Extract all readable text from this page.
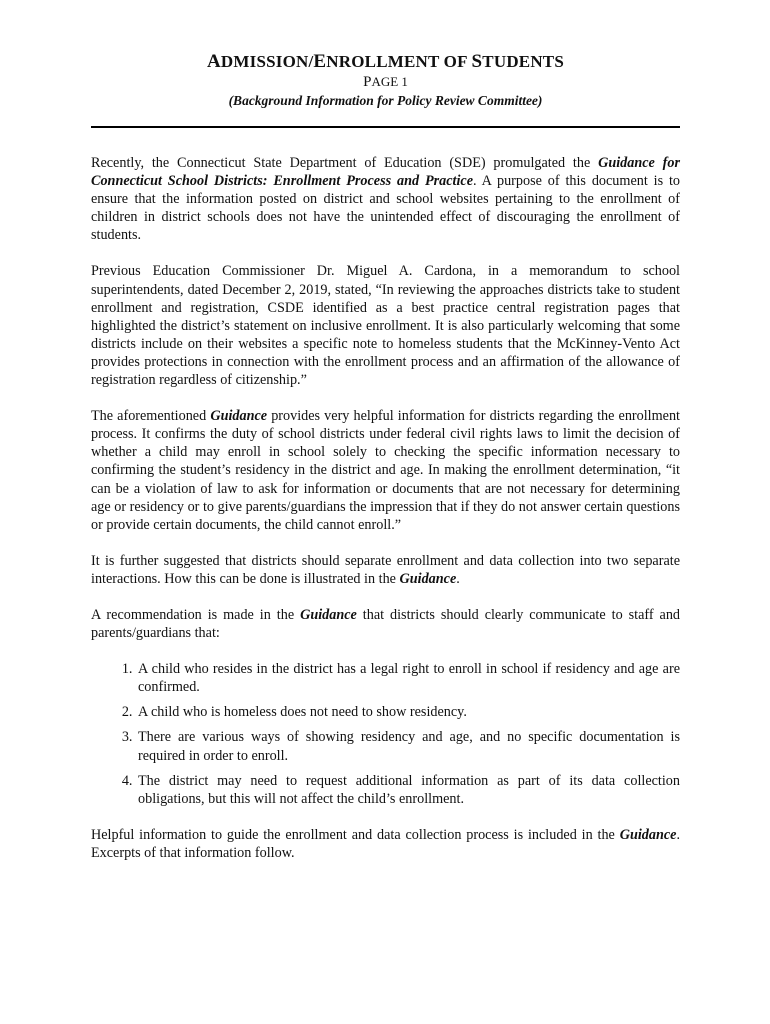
ADMISSION/ENROLLMENT OF STUDENTS
PAGE 1
(Background Information for Policy Review Committee)

Recently, the Connecticut State Department of Education (SDE) promulgated the Guidance for Connecticut School Districts: Enrollment Process and Practice. A purpose of this document is to ensure that the information posted on district and school websites pertaining to the enrollment of children in district schools does not have the unintended effect of discouraging the enrollment of students.

Previous Education Commissioner Dr. Miguel A. Cardona, in a memorandum to school superintendents, dated December 2, 2019, stated, “In reviewing the approaches districts take to student enrollment and registration, CSDE identified as a best practice central registration pages that highlighted the district’s statement on inclusive enrollment. It is also particularly welcoming that some districts include on their websites a specific note to homeless students that the McKinney-Vento Act provides protections in connection with the enrollment process and an affirmation of the allowance of registration regardless of citizenship.”

The aforementioned Guidance provides very helpful information for districts regarding the enrollment process. It confirms the duty of school districts under federal civil rights laws to limit the decision of whether a child may enroll in school solely to checking the specific information necessary to confirming the student’s residency in the district and age. In making the enrollment determination, “it can be a violation of law to ask for information or documents that are not necessary for determining age or residency or to give parents/guardians the impression that if they do not answer certain questions or provide certain documents, the child cannot enroll.”

It is further suggested that districts should separate enrollment and data collection into two separate interactions. How this can be done is illustrated in the Guidance.

A recommendation is made in the Guidance that districts should clearly communicate to staff and parents/guardians that:

1. A child who resides in the district has a legal right to enroll in school if residency and age are confirmed.
2. A child who is homeless does not need to show residency.
3. There are various ways of showing residency and age, and no specific documentation is required in order to enroll.
4. The district may need to request additional information as part of its data collection obligations, but this will not affect the child’s enrollment.

Helpful information to guide the enrollment and data collection process is included in the Guidance. Excerpts of that information follow.
